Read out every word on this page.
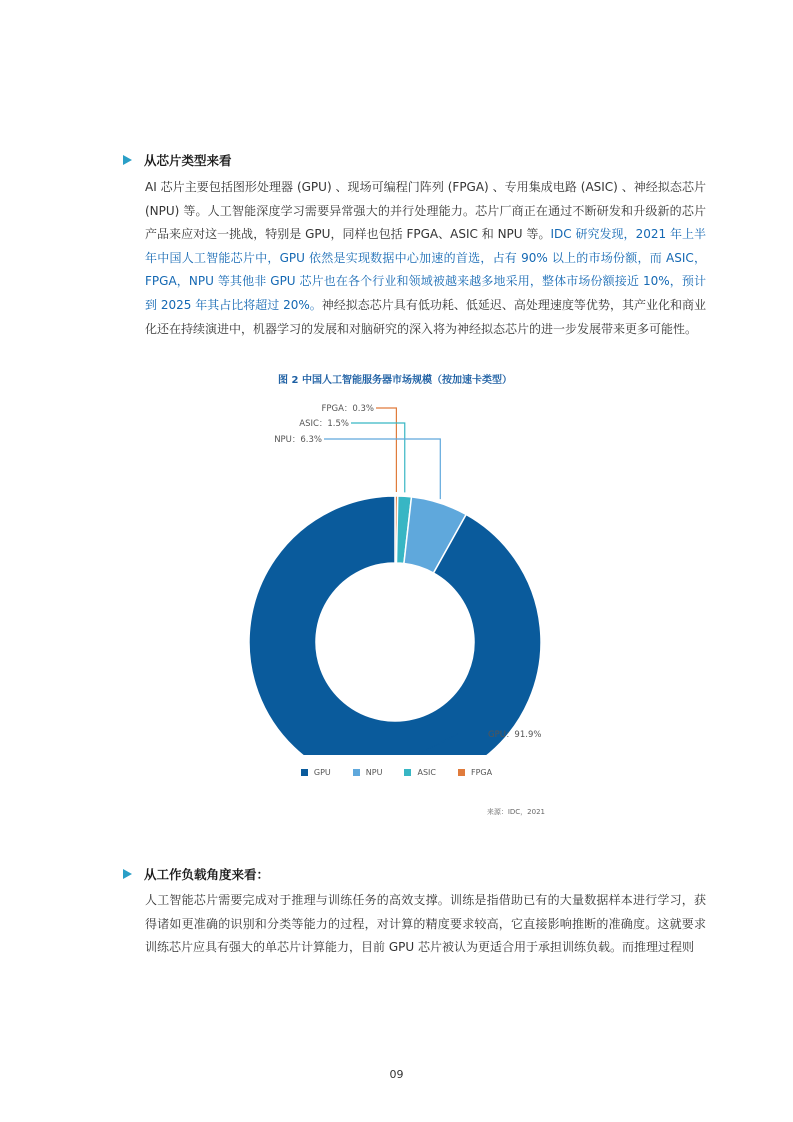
从芯片类型来看
AI 芯片主要包括图形处理器 (GPU) 、现场可编程门阵列 (FPGA) 、专用集成电路 (ASIC) 、神经拟态芯片 (NPU) 等。人工智能深度学习需要异常强大的并行处理能力。芯片厂商正在通过不断研发和升级新的芯片产品来应对这一挑战，特别是 GPU，同样也包括 FPGA、ASIC 和 NPU 等。IDC 研究发现，2021 年上半年中国人工智能芯片中，GPU 依然是实现数据中心加速的首选，占有 90% 以上的市场份额，而 ASIC，FPGA，NPU 等其他非 GPU 芯片也在各个行业和领域被越来越多地采用，整体市场份额接近 10%，预计到 2025 年其占比将超过 20%。神经拟态芯片具有低功耗、低延迟、高处理速度等优势，其产业化和商业化还在持续演进中，机器学习的发展和对脑研究的深入将为神经拟态芯片的进一步发展带来更多可能性。
图 2 中国人工智能服务器市场规模（按加速卡类型）
FPGA：0.3%
ASIC：1.5%
NPU：6.3%
GPU：91.9%
GPU	NPU	ASIC	FPGA
来源：IDC，2021
从工作负载角度来看：
人工智能芯片需要完成对于推理与训练任务的高效支撑。训练是指借助已有的大量数据样本进行学习，获得诸如更准确的识别和分类等能力的过程，对计算的精度要求较高，它直接影响推断的准确度。这就要求训练芯片应具有强大的单芯片计算能力，目前 GPU 芯片被认为更适合用于承担训练负载。而推理过程则
09
